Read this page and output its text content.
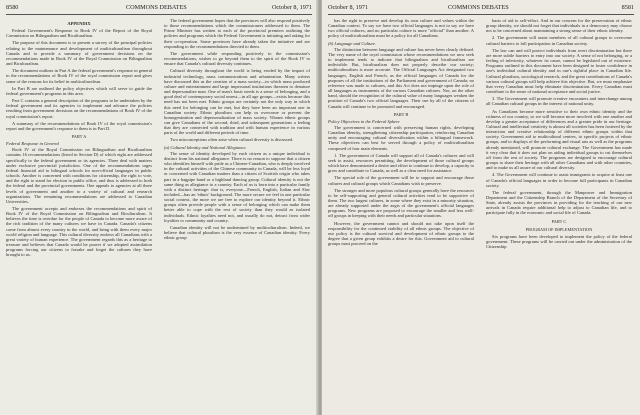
8580	COMMONS DEBATES	October 8, 1971

APPENDIX

Federal Government's Response to Book IV of the Report of the Royal Commission on Bilingualism and Biculturalism.

The purpose of this document is to present a survey of the principal policies relating to the maintenance and development of multiculturalism throughout Canada and to provide a summary of government decisions on the recommendations made in Book IV of the Royal Commission on Bilingualism and Biculturalism.

The document outlines in Part A the federal government's response in general to the recommendations of Book IV of the royal commission report and gives some of the reasons for its belief in multiculturalism.

In Part B are outlined the policy objectives which will serve to guide the federal government's programs in this area.

Part C contains a general description of the programs to be undertaken by the federal government and its agencies to implement and advance the policies resulting from government decisions on the recommendations of Book IV of the royal commission's report.

A summary of the recommendations of Book IV of the royal commission's report and the government's response to them is in Part D.

PART A

Federal Response in General

Book IV of the Royal Commission on Bilingualism and Biculturalism contains 16 recommendations (listed in Section D) of which eight are addressed specifically to the federal government or its agencies. Three deal with matters under exclusive provincial jurisdiction. One of the recommendations urges federal financial aid to bilingual schools for non-official languages in public schools. Another is concerned with conditions for citizenship, the right to vote, and the right to stand for election to public office, and thus is addressed to both the federal and the provincial governments. One appeals to agencies at all three levels of government and another to a variety of cultural and research organizations. The remaining recommendations are addressed to Canadian Universities.

The government accepts and endorses the recommendations and spirit of Book IV of the Royal Commission on Bilingualism and Biculturalism. It believes the time is overdue for the people of Canada to become more aware of the rich tradition of the many cultures we have in Canada. Canada's citizens come from almost every country in the world, and bring with them every major world religion and language. This cultural diversity endows all Canadians with a great variety of human experience. The government regards this as a heritage to treasure and believes that Canada would be poorer if we adopted assimilation programs forcing our citizens to forsake and forget the cultures they have brought to us.

The federal government hopes that the provinces will also respond positively to those recommendations which the commissioners addressed to them. The Prime Minister has written to each of the provincial premiers outlining the policies and programs which the Federal Government is initiating and asking for their co-operation. Some provinces have already taken the initiative and are responding to the recommendations directed to them.

The government while responding positively to the commission's recommendations, wishes to go beyond them to the spirit of the Book IV to ensure that Canada's cultural diversity continues.

Cultural diversity throughout the world is being eroded by the impact of industrial technology, mass communications and urbanization. Many writers have discussed this as the creation of a mass society—in which mass produced culture and entertainment and large impersonal institutions threaten to denature and depersonalize man. One of man's basic needs is a sense of belonging, and a good deal of contemporary social unrest—in all age groups—exists because this need has not been met. Ethnic groups are certainly not the only way in which this need for belonging can be met, but they have been an important one in Canadian society. Ethnic pluralism can help us overcome or prevent the homogenization and depersonalization of mass society. Vibrant ethnic groups can give Canadians of the second, third, and subsequent generations a feeling that they are connected with tradition and with human experience in various parts of the world and different periods of time.

Two misconceptions often arise when cultural diversity is discussed.

(a) Cultural Identity and National Allegiance.

The sense of identity developed by each citizen as a unique individual is distinct from his national allegiance. There is no reason to suppose that a citizen who identifies himself with pride as a Chinese-Canadian, who is deeply involved in the cultural activities of the Chinese community in Canada, will be less loyal or concerned with Canadian matters than a citizen of Scottish origin who takes part in a bagpipe band or a highland dancing group. Cultural identity is not the same thing as allegiance to a country. Each of us is born into a particular family with a distinct heritage: that is, everyone—French, English, Italian and Slav included—has an 'ethnic' background. The more secure we feel in one particular social context, the more we are free to explore our identity beyond it. Ethnic groups often provide people with a sense of belonging which can make them better able to cope with the rest of society than they would as isolated individuals. Ethnic loyalties need not, and usually do not, detract from wider loyalties to community and country.

Canadian identity will not be undermined by multiculturalism. Indeed, we believe that cultural pluralism is the very essence of Canadian identity. Every ethnic group

October 8, 1971	COMMONS DEBATES	8581

has the right to preserve and develop its own culture and values within the Canadian context. To say we have two official languages is not to say we have two official cultures, and no particular culture is more "official" than another. A policy of multiculturalism must be a policy for all Canadians.

(b) Language and Culture.

The distinction between language and culture has never been clearly defined. The very name of the royal commission whose recommendations we now seek to implement tends to indicate that bilingualism and biculturalism are indivisible. But, biculturalism does not properly describe our society; multiculturalism is more accurate. The Official Languages Act designated two languages, English and French, as the official languages of Canada for the purposes of all the institutions of the Parliament and government of Canada; no reference was made to cultures, and this Act does not impinge upon the role of all languages as instruments of the various Canadian cultures. Nor, on the other hand, should the recognition of the cultural value of many languages weaken the position of Canada's two official languages. Their use by all of the citizens of Canada will continue to be promoted and encouraged.

PART B

Policy Objectives in the Federal Sphere

The government is concerned with preserving human rights, developing Canadian identity, strengthening citizenship participation, reinforcing Canadian unity and encouraging cultural diversification within a bilingual framework. These objectives can best be served through a policy of multiculturalism composed of four main elements.

1. The government of Canada will support all of Canada's cultures and will seek to assist, resources permitting, the development of those cultural groups which have demonstrated a desire and effort to continue to develop, a capacity to grow and contribute to Canada, as well as a clear need for assistance.

The special role of the government will be to support and encourage those cultures and cultural groups which Canadians wish to preserve.

The stronger and more populous cultural groups generally have the resources to be self-supporting and general cultural activities tend to be supportive of them. The two largest cultures, in some where they exist in a minority situation, are already supported under the aegis of the government's official languages programs. New programs are proposed to encourage the smaller and less well-off groups in keeping with their needs and particular situations.

However, the government cannot and should not take upon itself the responsibility for the continued viability of all ethnic groups. The objective of our policy is the cultural survival and development of ethnic groups to the degree that a given group exhibits a desire for this. Government aid to cultural groups must proceed on the

basis of aid to self-effort. And in our concern for the preservation of ethnic group identity, we should not forget that individuals in a democracy may choose not to be concerned about maintaining a strong sense of their ethnic identity.

2. The government will assist members of all cultural groups to overcome cultural barriers to full participation in Canadian society.

The law can and will protect individuals from overt discrimination but there are more subtle barriers to entry into our society. A sense of not belonging, or a feeling of inferiority, whatever its cause, cannot be legislated out of existence. Programs outlined in this document have been designed to foster confidence in one's individual cultural identity and in one's rightful place in Canadian life. Cultural pluralism, sociological research, and the great contributions of Canada's various cultural groups will help achieve this objective. But, we must emphasize that every Canadian must help eliminate discrimination. Every Canadian must contribute to the sense of national acceptance and social justice.

3. The Government will promote creative encounters and interchange among all Canadian cultural groups in the interest of national unity.

As Canadians become more sensitive to their own ethnic identity and the richness of our country, so we will become more involved with one another and develop a greater acceptance of differences and a greater pride in our heritage. Cultural and intellectual creativity is almost all societies has been fostered by the interaction and creative relationship of different ethnic groups within that society. Government aid to multicultural centres, to specific projects of ethnic groups, and to displays of the performing and visual arts as well as the programs already mentioned, will promote cultural exchange. The Government has made it very clear that it does not plan on aiding individual groups to cut themselves off from the rest of society. The programs are designed to encourage cultural groups to share their heritage with all other Canadians and with other countries, and to make us all aware of our cultural diversity.

4. The Government will continue to assist immigrants to acquire at least one of Canada's official languages in order to become full participants in Canadian society.

The federal government, through the Manpower and Immigration Department and the Citizenship Branch of the Department of the Secretary of State, already assists the provinces in providing for the teaching of our new arrivals in Canada require additional help to adjust to Canadian life, and to participate fully in the economic and social life of Canada.

PART C

PROGRAM OF IMPLEMENTATION

Six programs have been developed to implement the policy of the federal government. These programs will be carried out under the administration of the Citizenship
